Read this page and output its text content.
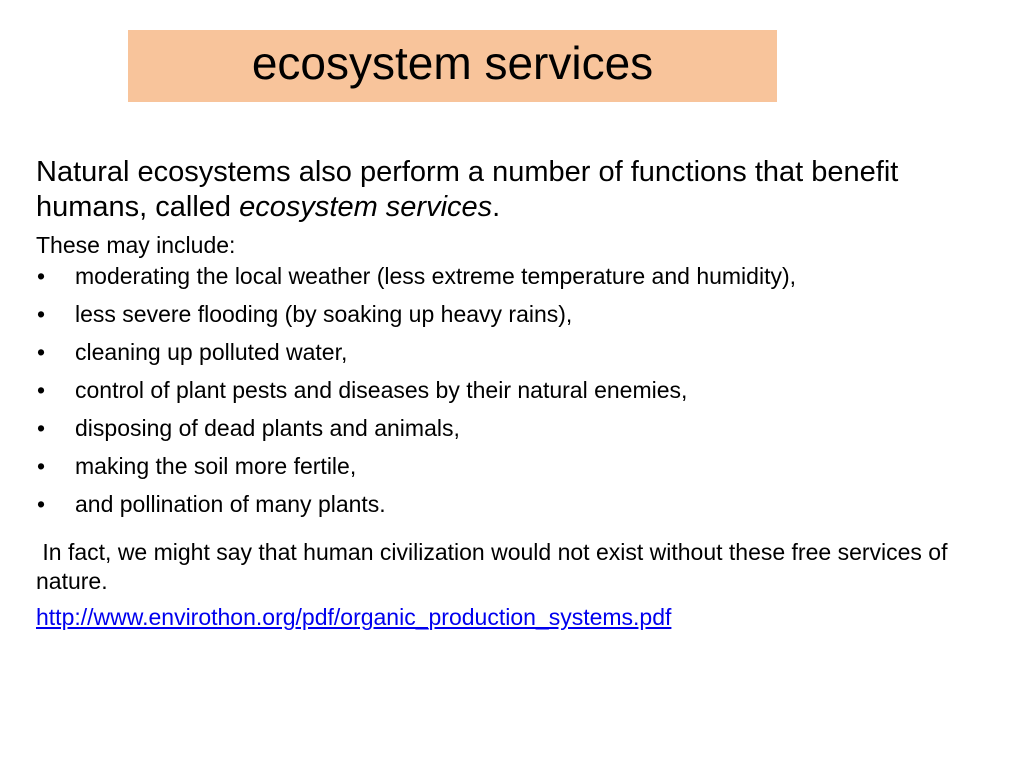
ecosystem services

Natural ecosystems also perform a number of functions that benefit humans, called ecosystem services.

These may include:

• moderating the local weather (less extreme temperature and humidity),
• less severe flooding (by soaking up heavy rains),
• cleaning up polluted water,
• control of plant pests and diseases by their natural enemies,
• disposing of dead plants and animals,
• making the soil more fertile,
• and pollination of many plants.

In fact, we might say that human civilization would not exist without these free services of nature.

http://www.envirothon.org/pdf/organic_production_systems.pdf
